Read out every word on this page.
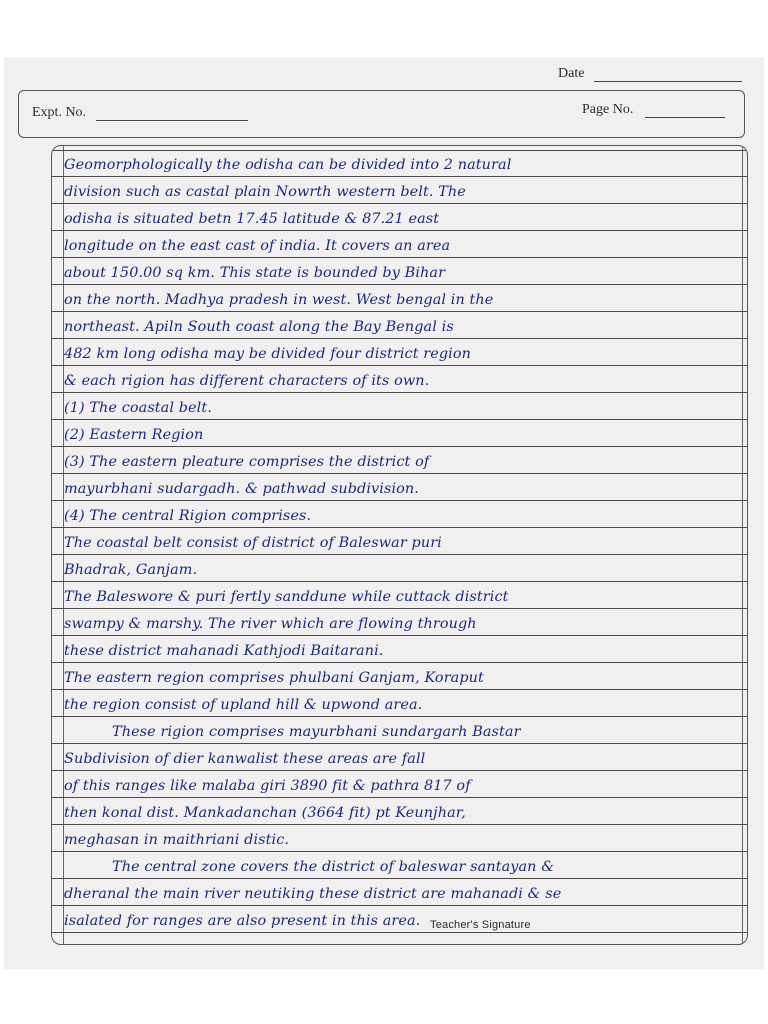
Date
Expt. No.	Page No.
Geomorphologically the odisha can be divided into 2 natural
division such as castal plain Nowrth western belt. The
odisha is situated betn 17.45 latitude & 87.21 east
longitude on the east cast of india. It covers an area
about 150.00 sq km. This state is bounded by Bihar
on the north. Madhya pradesh in west. West bengal in the
northeast. Apiln South coast along the Bay Bengal is
482 km long odisha may be divided four district region
& each rigion has different characters of its own.
(1) The coastal belt.
(2) Eastern Region
(3) The eastern pleature comprises the district of
mayurbhani sudargadh. & pathwad subdivision.
(4) The central Rigion comprises.
The coastal belt consist of district of Baleswar puri
Bhadrak, Ganjam.
The Baleswore & puri fertly sanddune while cuttack district
swampy & marshy. The river which are flowing through
these district mahanadi Kathjodi Baitarani.
The eastern region comprises phulbani Ganjam, Koraput
the region consist of upland hill & upwond area.
These rigion comprises mayurbhani sundargarh Bastar
Subdivision of dier kanwalist these areas are fall
of this ranges like malaba giri 3890 fit & pathra 817 of
then konal dist. Mankadanchan (3664 fit) pt Keunjhar,
meghasan in maithriani distic.
The central zone covers the district of baleswar santayan &
dheranal the main river neutiking these district are mahanadi & se
isalated for ranges are also present in this area. Teacher's Signature
